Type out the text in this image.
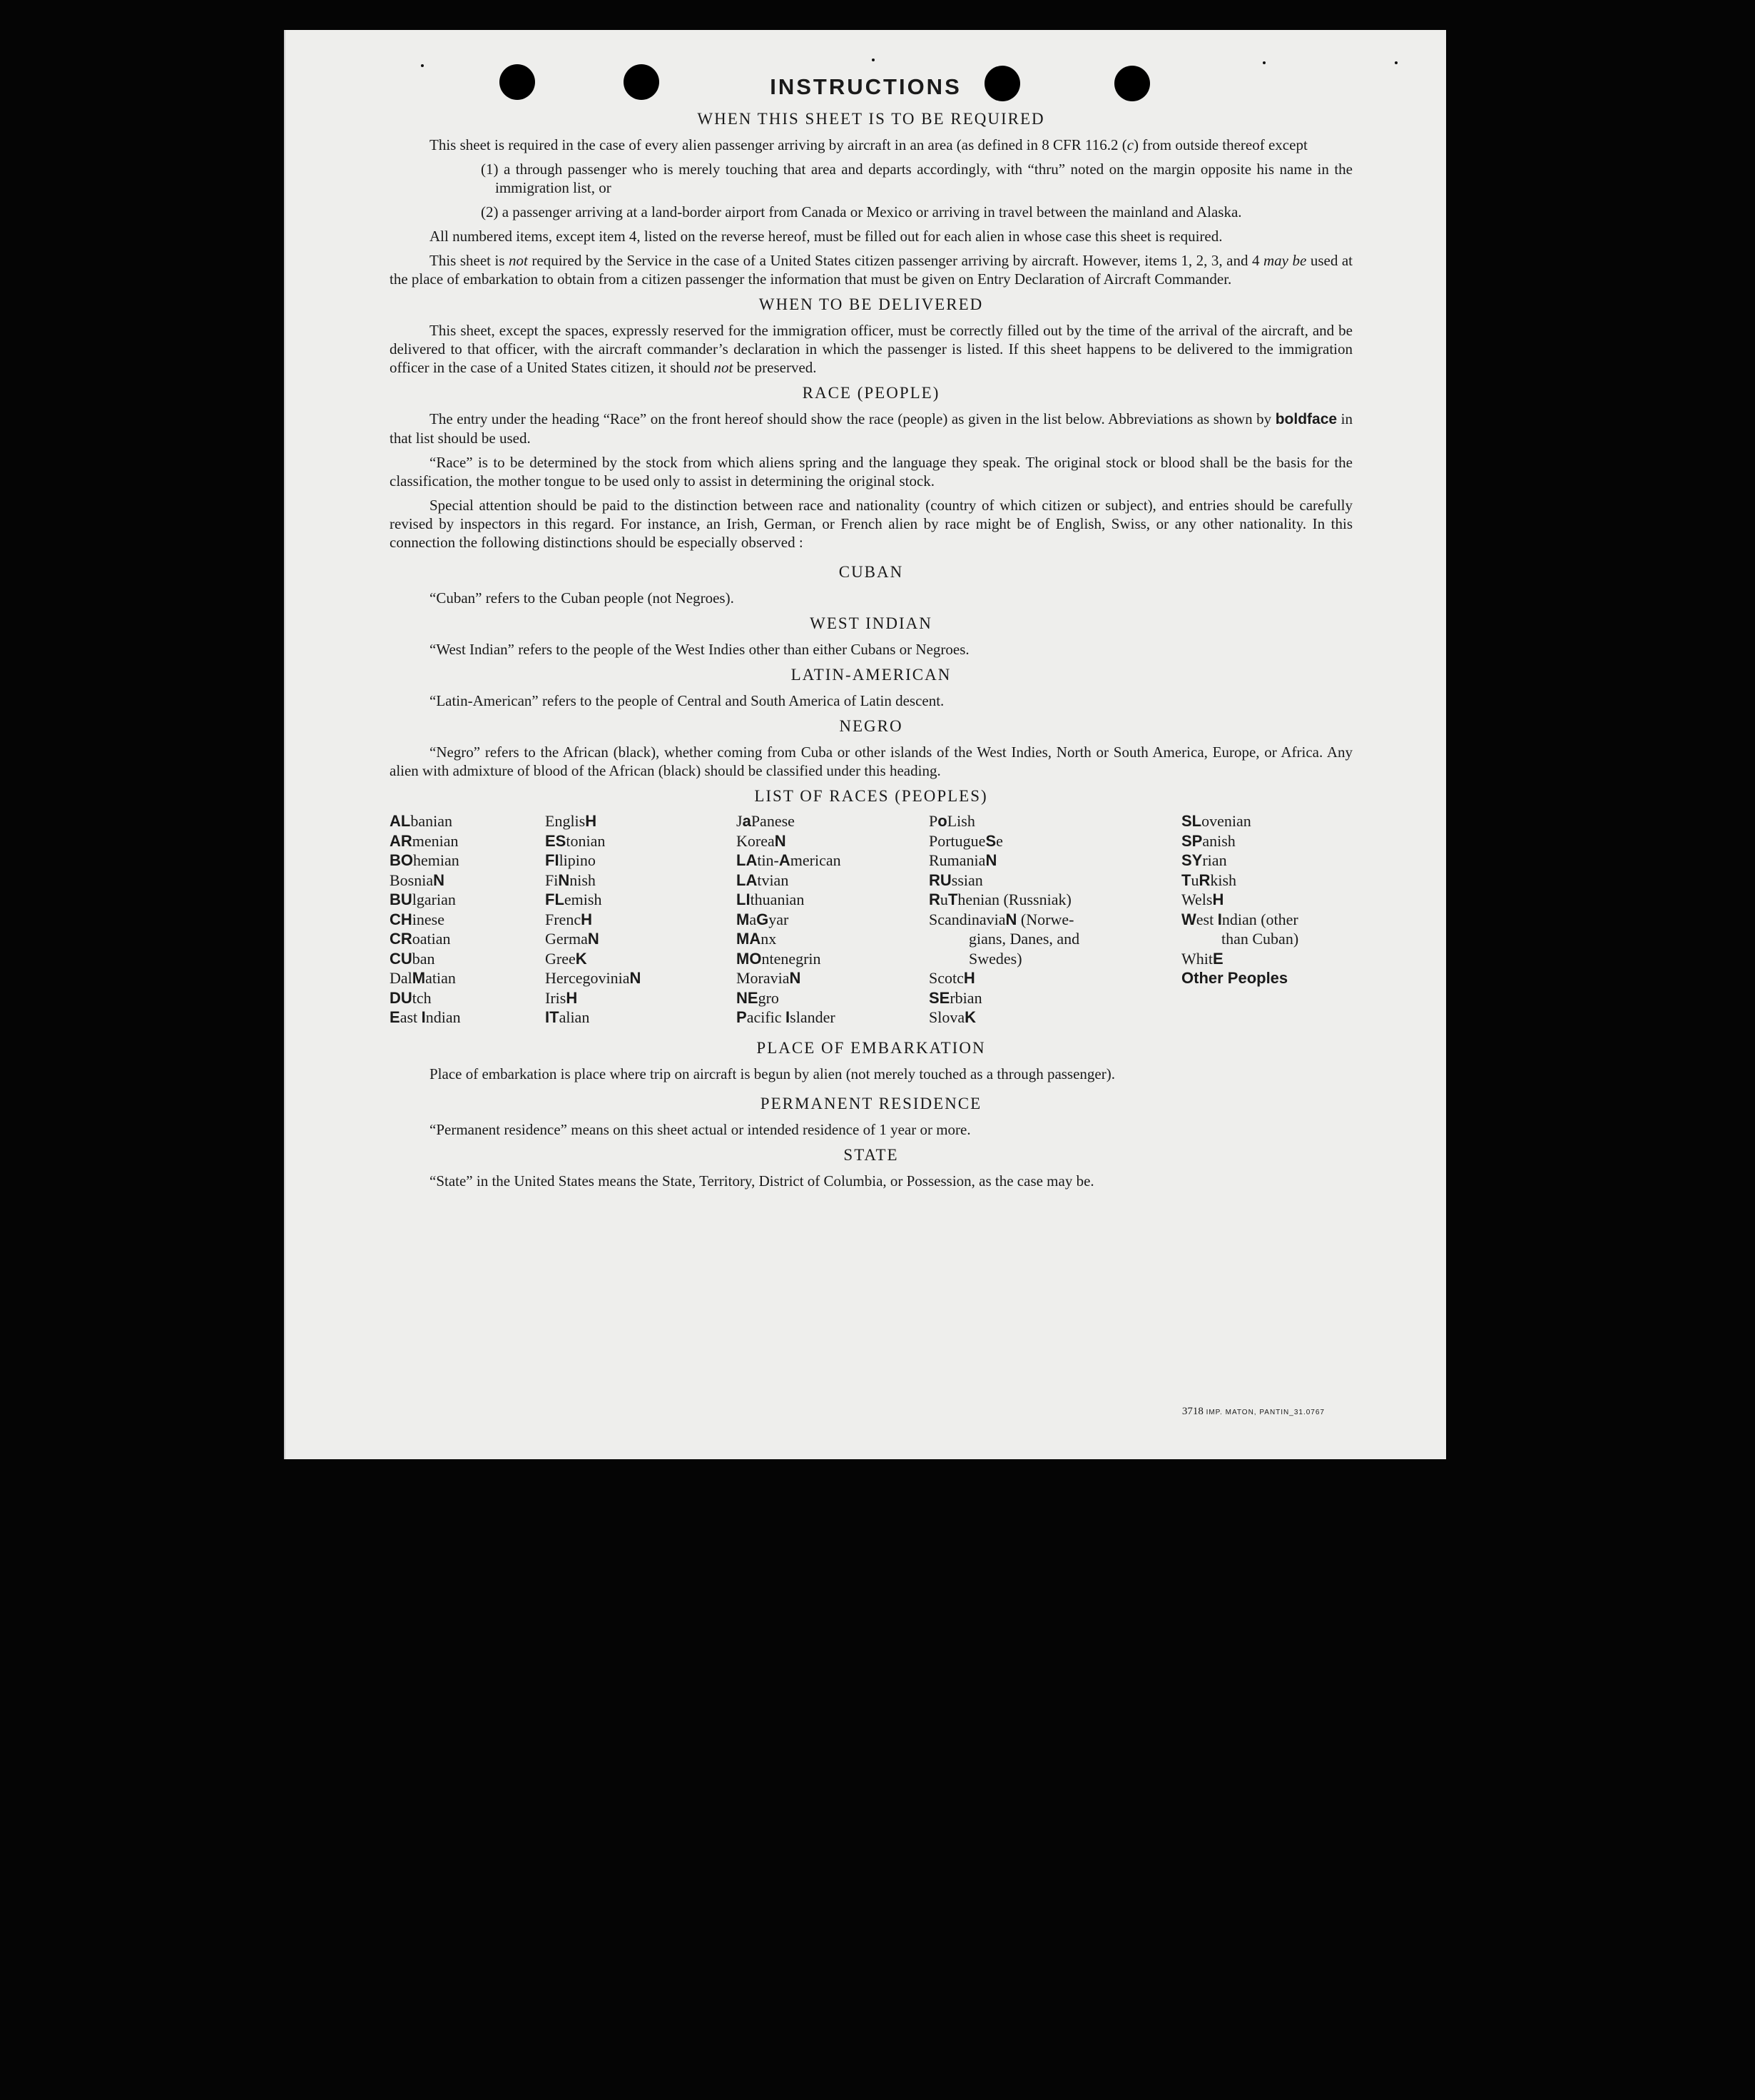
INSTRUCTIONS
WHEN THIS SHEET IS TO BE REQUIRED

This sheet is required in the case of every alien passenger arriving by aircraft in an area (as defined in 8 CFR 116.2 (c) from outside thereof except

(1) a through passenger who is merely touching that area and departs accordingly, with “thru” noted on the margin opposite his name in the immigration list, or

(2) a passenger arriving at a land-border airport from Canada or Mexico or arriving in travel between the mainland and Alaska.

All numbered items, except item 4, listed on the reverse hereof, must be filled out for each alien in whose case this sheet is required.

This sheet is not required by the Service in the case of a United States citizen passenger arriving by aircraft. However, items 1, 2, 3, and 4 may be used at the place of embarkation to obtain from a citizen passenger the information that must be given on Entry Declaration of Aircraft Commander.

WHEN TO BE DELIVERED

This sheet, except the spaces, expressly reserved for the immigration officer, must be correctly filled out by the time of the arrival of the aircraft, and be delivered to that officer, with the aircraft commander’s declaration in which the passenger is listed. If this sheet happens to be delivered to the immigration officer in the case of a United States citizen, it should not be preserved.

RACE (PEOPLE)

The entry under the heading “Race” on the front hereof should show the race (people) as given in the list below. Abbreviations as shown by boldface in that list should be used.

“Race” is to be determined by the stock from which aliens spring and the language they speak. The original stock or blood shall be the basis for the classification, the mother tongue to be used only to assist in determining the original stock.

Special attention should be paid to the distinction between race and nationality (country of which citizen or subject), and entries should be carefully revised by inspectors in this regard. For instance, an Irish, German, or French alien by race might be of English, Swiss, or any other nationality. In this connection the following distinctions should be especially observed :

CUBAN

“Cuban” refers to the Cuban people (not Negroes).

WEST INDIAN

“West Indian” refers to the people of the West Indies other than either Cubans or Negroes.

LATIN-AMERICAN

“Latin-American” refers to the people of Central and South America of Latin descent.

NEGRO

“Negro” refers to the African (black), whether coming from Cuba or other islands of the West Indies, North or South America, Europe, or Africa. Any alien with admixture of blood of the African (black) should be classified under this heading.

LIST OF RACES (PEOPLES)
ALbanian
ARmenian
BOhemian
BosniaN
BUlgarian
CHinese
CRoatian
CUban
DalMatian
DUtch
East Indian
EnglisH
EStonian
FIlipino
FiNnish
FLemish
FrencH
GermaN
GreeK
HercegoviniaN
IrisH
ITalian
JaPanese
KoreaN
LAtin-American
LAtvian
LIthuanian
MaGyar
MAnx
MOntenegrin
MoraviaN
NEgro
Pacific Islander
PoLish
PortugueSe
RumaniaN
RUssian
RuThenian (Russniak)
ScandinaviaN (Norwe-
gians, Danes, and
Swedes)
ScotcH
SErbian
SlovaK
SLovenian
SPanish
SYrian
TuRkish
WelsH
West Indian (other
than Cuban)
WhitE
Other Peoples
PLACE OF EMBARKATION

Place of embarkation is place where trip on aircraft is begun by alien (not merely touched as a through passenger).

PERMANENT RESIDENCE

“Permanent residence” means on this sheet actual or intended residence of 1 year or more.

STATE

“State” in the United States means the State, Territory, District of Columbia, or Possession, as the case may be.

3718 IMP. MATON, PANTIN_31.0767
